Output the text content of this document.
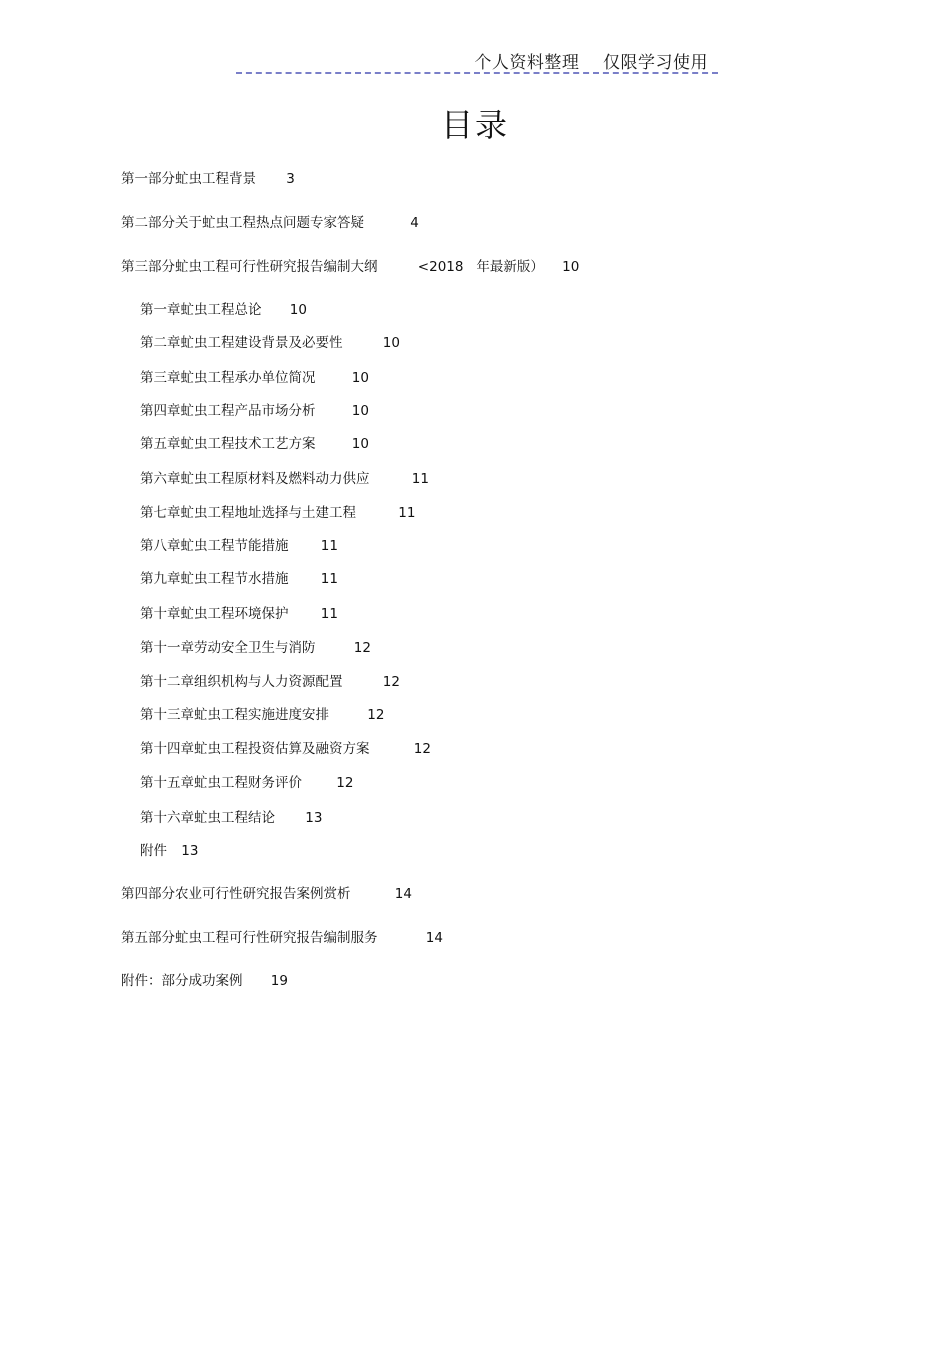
个人资料整理    仅限学习使用
目录
第一部分虻虫工程背景 3
第二部分关于虻虫工程热点问题专家答疑	4
第三部分虻虫工程可行性研究报告编制大纲	<2018   年最新版） 10
第一章虻虫工程总论 10
第二章虻虫工程建设背景及必要性	10
第三章虻虫工程承办单位简况	10
第四章虻虫工程产品市场分析	10
第五章虻虫工程技术工艺方案	10
第六章虻虫工程原材料及燃料动力供应	11
第七章虻虫工程地址选择与土建工程	11
第八章虻虫工程节能措施 11
第九章虻虫工程节水措施 11
第十章虻虫工程环境保护 11
第十一章劳动安全卫生与消防	12
第十二章组织机构与人力资源配置	12
第十三章虻虫工程实施进度安排	12
第十四章虻虫工程投资估算及融资方案	12
第十五章虻虫工程财务评价	12
第十六章虻虫工程结论 13
附件 13
第四部分农业可行性研究报告案例赏析	14
第五部分虻虫工程可行性研究报告编制服务	14
附件：部分成功案例 19
